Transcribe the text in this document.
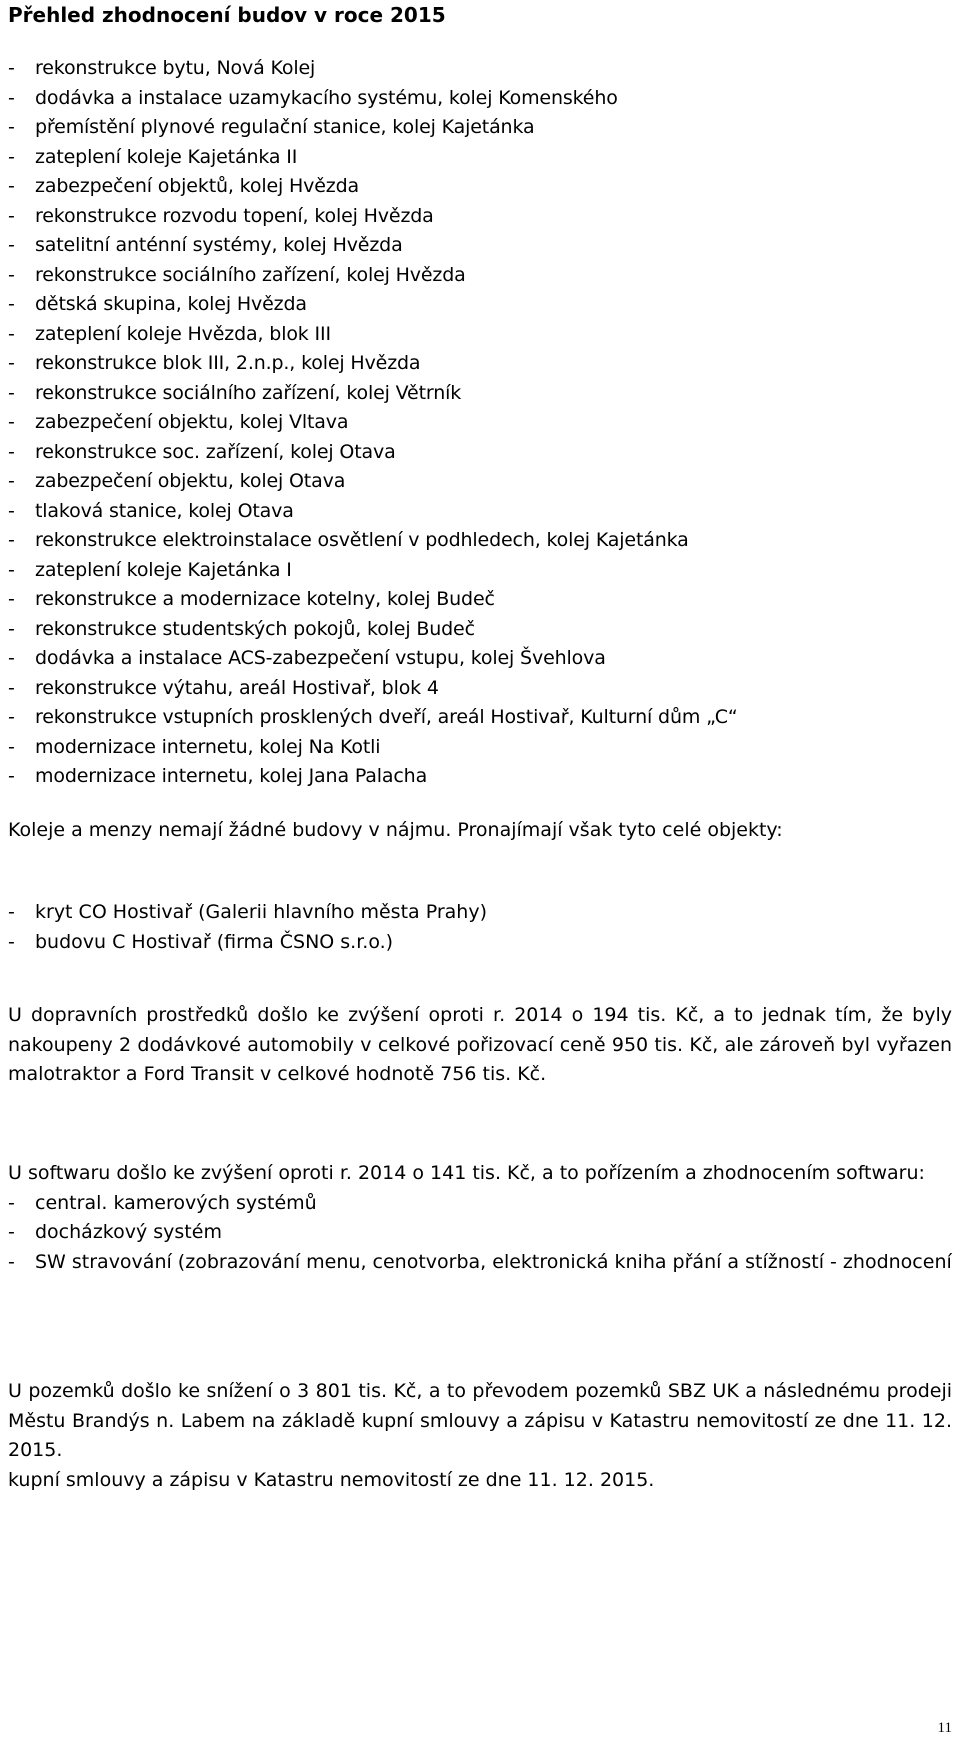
Přehled zhodnocení budov v roce 2015
- rekonstrukce bytu, Nová Kolej
- dodávka a instalace uzamykacího systému, kolej Komenského
- přemístění plynové regulační stanice, kolej Kajetánka
- zateplení koleje Kajetánka II
- zabezpečení objektů, kolej Hvězda
- rekonstrukce rozvodu topení, kolej Hvězda
- satelitní anténní systémy, kolej Hvězda
- rekonstrukce sociálního zařízení, kolej Hvězda
- dětská skupina, kolej Hvězda
- zateplení koleje Hvězda, blok III
- rekonstrukce blok III, 2.n.p., kolej Hvězda
- rekonstrukce sociálního zařízení, kolej Větrník
- zabezpečení objektu, kolej Vltava
- rekonstrukce soc. zařízení, kolej Otava
- zabezpečení objektu, kolej Otava
- tlaková stanice, kolej Otava
- rekonstrukce elektroinstalace osvětlení v podhledech, kolej Kajetánka
- zateplení koleje Kajetánka I
- rekonstrukce a modernizace kotelny, kolej Budeč
- rekonstrukce studentských pokojů, kolej Budeč
- dodávka a instalace ACS-zabezpečení vstupu, kolej Švehlova
- rekonstrukce výtahu, areál Hostivař, blok 4
- rekonstrukce vstupních prosklených dveří, areál Hostivař, Kulturní dům „C“
- modernizace internetu, kolej Na Kotli
- modernizace internetu, kolej Jana Palacha

Koleje a menzy nemají žádné budovy v nájmu. Pronajímají však tyto celé objekty:

- kryt CO Hostivař (Galerii hlavního města Prahy)
- budovu C Hostivař (firma ČSNO s.r.o.)

U dopravních prostředků došlo ke zvýšení oproti r. 2014 o 194 tis. Kč, a to jednak tím, že byly nakoupeny 2 dodávkové automobily v celkové pořizovací ceně 950 tis. Kč, ale zároveň byl vyřazen malotraktor a Ford Transit v celkové hodnotě 756 tis. Kč.

U softwaru došlo ke zvýšení oproti r. 2014 o 141 tis. Kč, a to pořízením a zhodnocením softwaru:

- central. kamerových systémů
- docházkový systém
- SW stravování (zobrazování menu, cenotvorba, elektronická kniha přání a stížností - zhodnocení

U pozemků došlo ke snížení o 3 801 tis. Kč, a to převodem pozemků SBZ UK a následnému prodeji Městu Brandýs n. Labem na základě kupní smlouvy a zápisu v Katastru nemovitostí ze dne 11. 12. 2015.

kupní smlouvy a zápisu v Katastru nemovitostí ze dne 11. 12. 2015.

11
